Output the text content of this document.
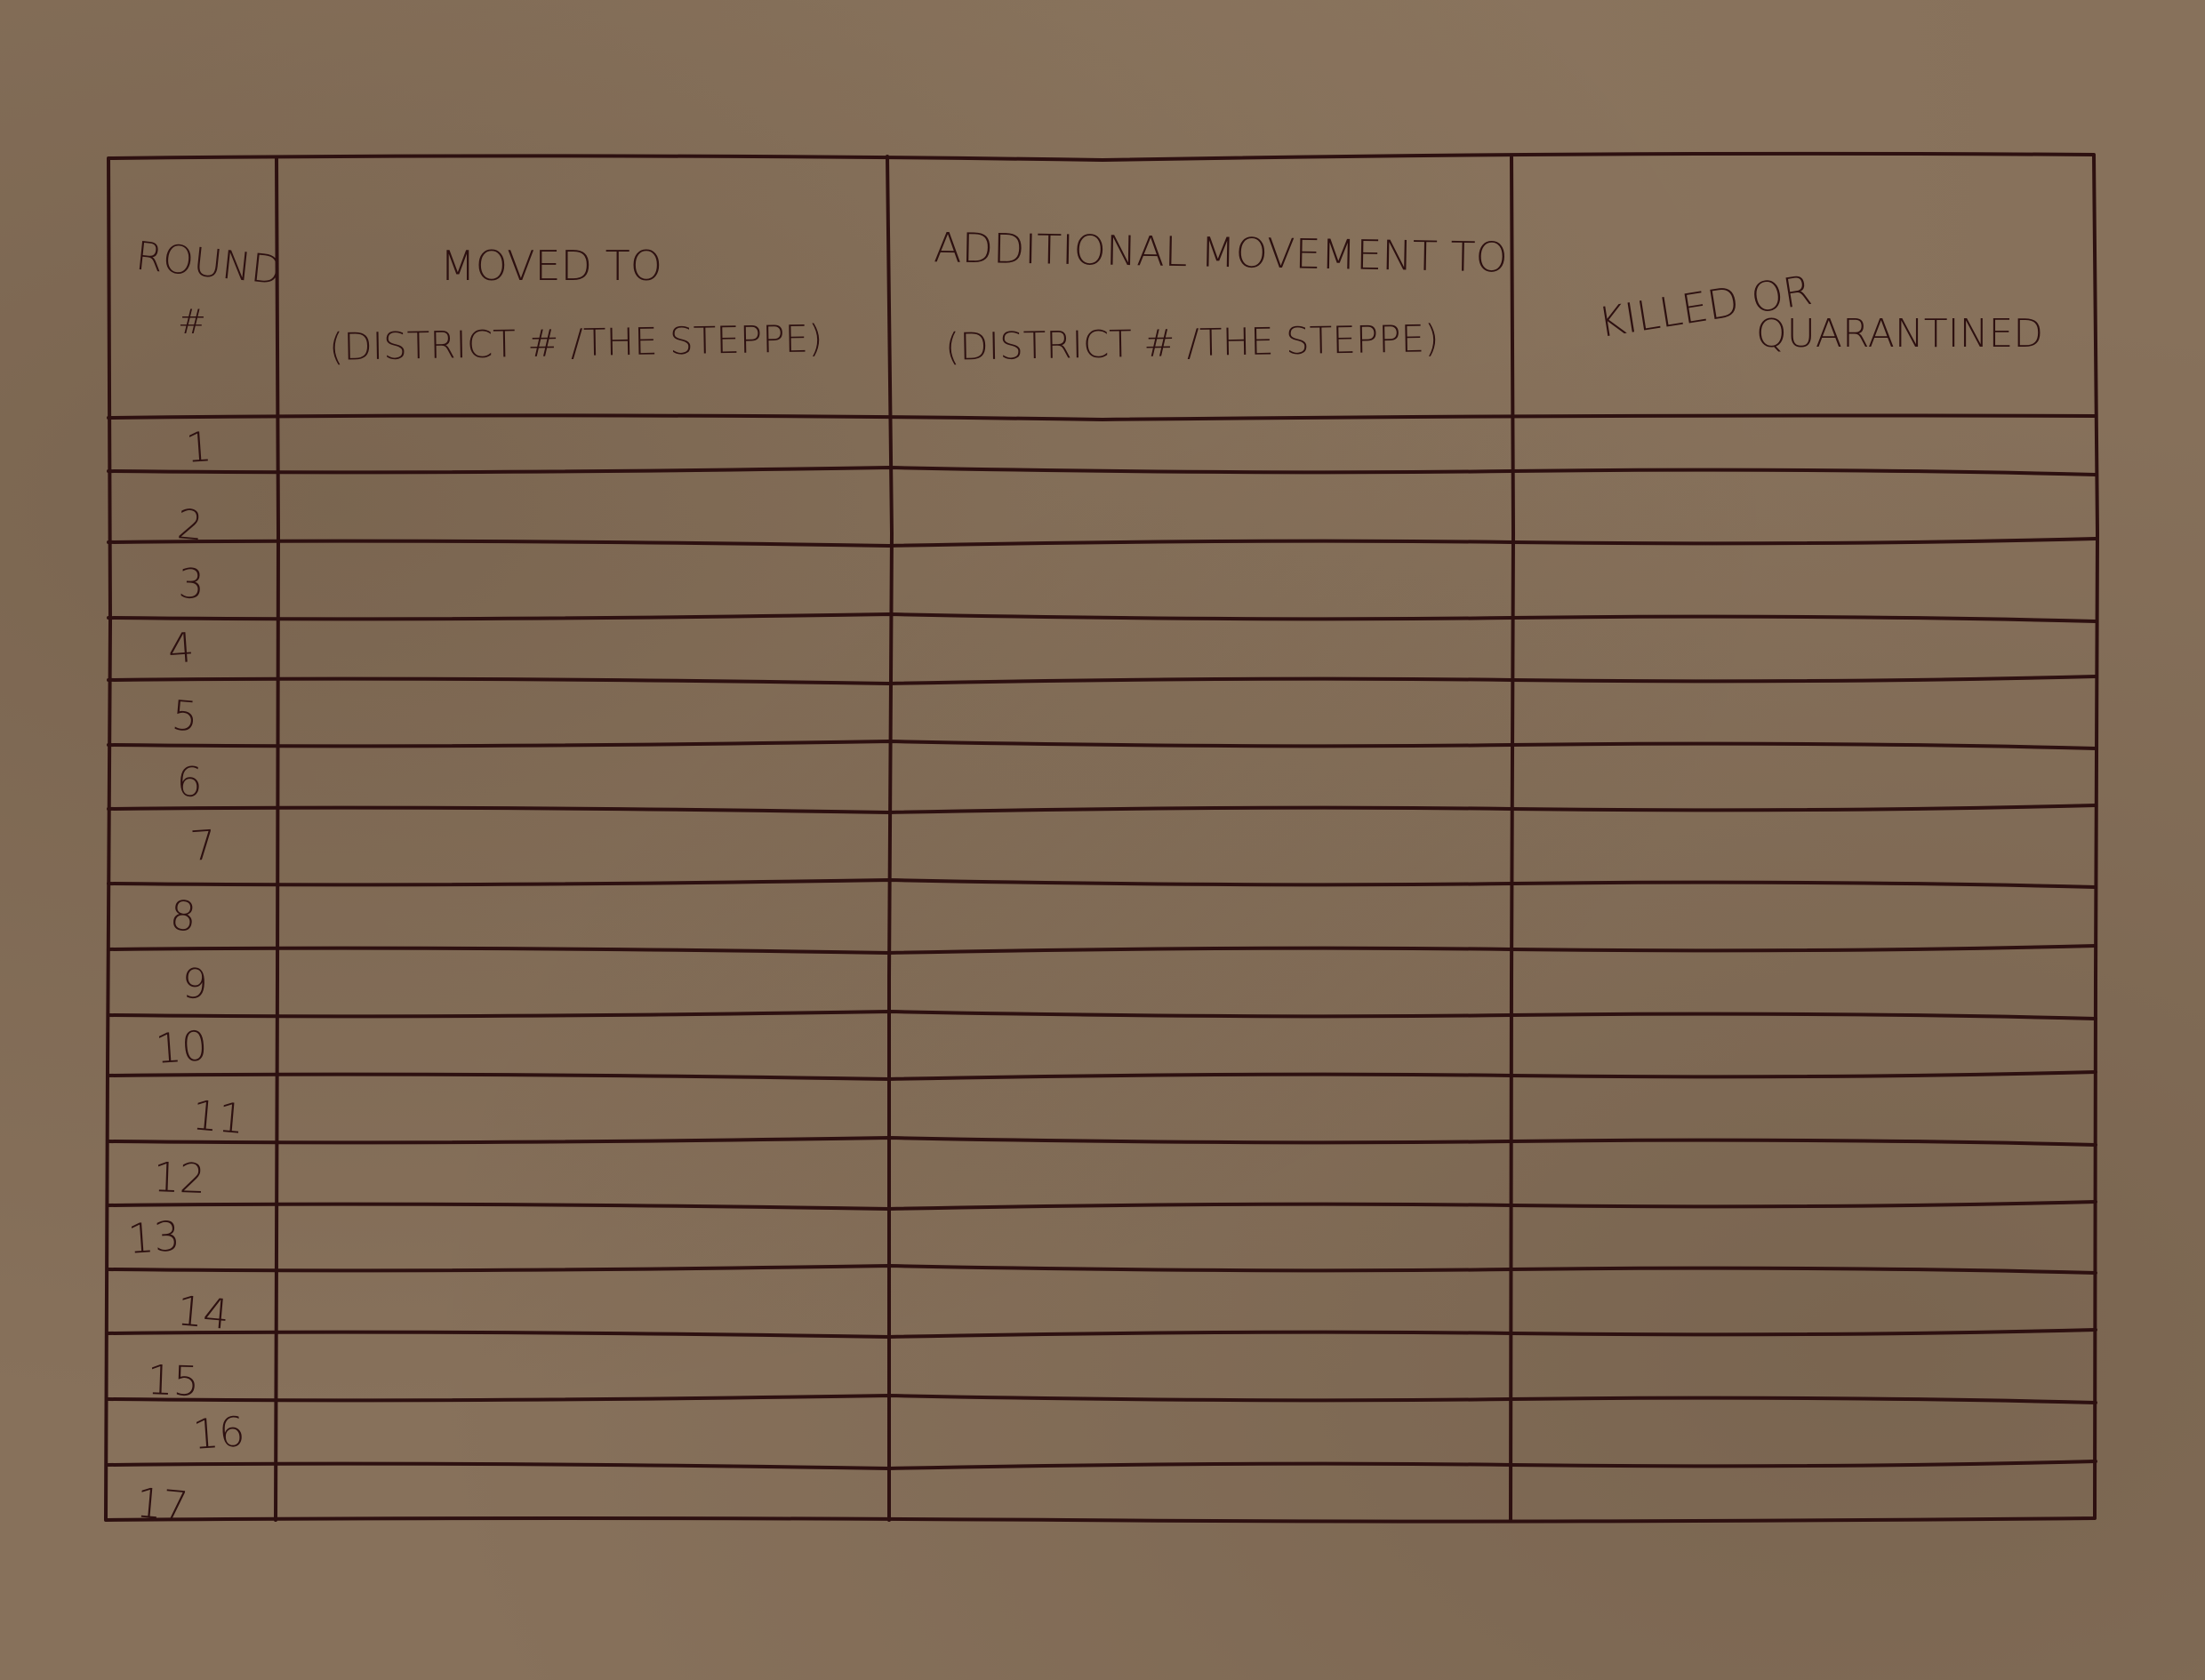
ROUND
#
MOVED TO
(DISTRICT # /THE STEPPE)
ADDITIONAL MOVEMENT TO
(DISTRICT # /THE STEPPE)	KILLED OR
QUARANTINED
1
2
3
4
5
6
7
8
9
10
11
12
13
14
15
16
17
